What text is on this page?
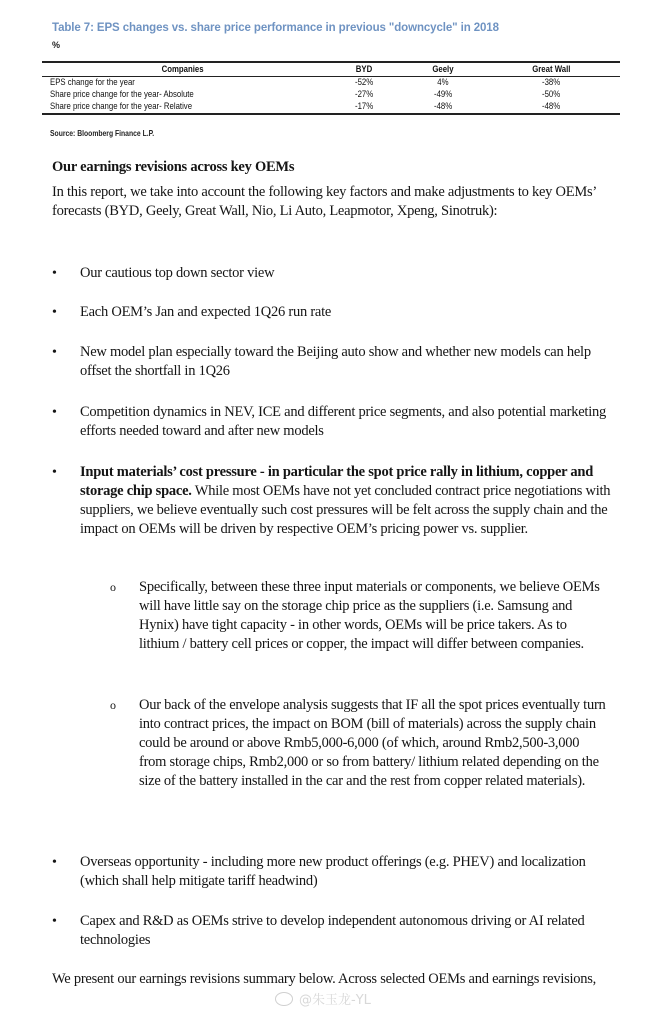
Table 7: EPS changes vs. share price performance in previous "downcycle" in 2018
%
Companies	BYD	Geely	Great Wall
EPS change for the year	-52%	4%	-38%
Share price change for the year- Absolute	-27%	-49%	-50%
Share price change for the year- Relative	-17%	-48%	-48%
Source: Bloomberg Finance L.P.
Our earnings revisions across key OEMs
In this report, we take into account the following key factors and make adjustments to key OEMs’ forecasts (BYD, Geely, Great Wall, Nio, Li Auto, Leapmotor, Xpeng, Sinotruk):
•	Our cautious top down sector view
•	Each OEM’s Jan and expected 1Q26 run rate
•	New model plan especially toward the Beijing auto show and whether new models can help offset the shortfall in 1Q26
•	Competition dynamics in NEV, ICE and different price segments, and also potential marketing efforts needed toward and after new models
•	Input materials’ cost pressure - in particular the spot price rally in lithium, copper and storage chip space. While most OEMs have not yet concluded contract price negotiations with suppliers, we believe eventually such cost pressures will be felt across the supply chain and the impact on OEMs will be driven by respective OEM’s pricing power vs. supplier.
o Specifically, between these three input materials or components, we believe OEMs will have little say on the storage chip price as the suppliers (i.e. Samsung and Hynix) have tight capacity - in other words, OEMs will be price takers. As to lithium / battery cell prices or copper, the impact will differ between companies.
o Our back of the envelope analysis suggests that IF all the spot prices eventually turn into contract prices, the impact on BOM (bill of materials) across the supply chain could be around or above Rmb5,000-6,000 (of which, around Rmb2,500-3,000 from storage chips, Rmb2,000 or so from battery/ lithium related depending on the size of the battery installed in the car and the rest from copper related materials).
•	Overseas opportunity - including more new product offerings (e.g. PHEV) and localization (which shall help mitigate tariff headwind)
•	Capex and R&D as OEMs strive to develop independent autonomous driving or AI related technologies
We present our earnings revisions summary below. Across selected OEMs and earnings revisions,
@朱玉龙-YL
